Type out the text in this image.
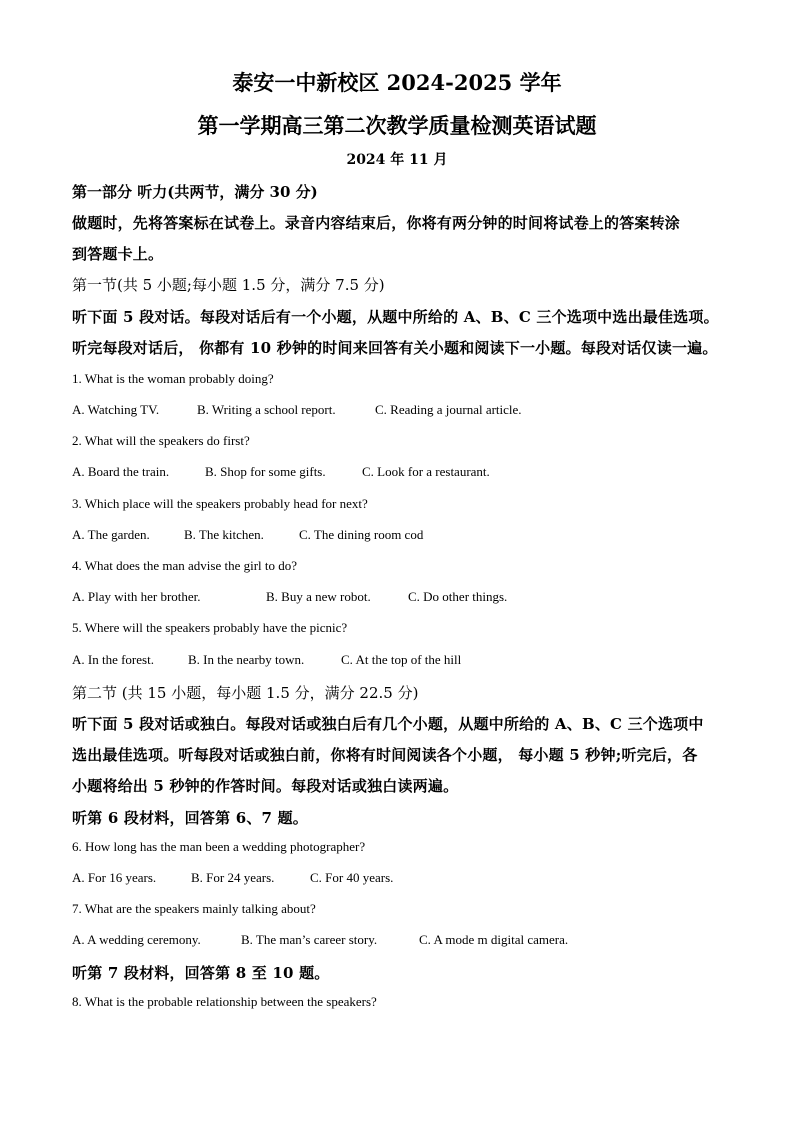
泰安一中新校区 2024-2025 学年
第一学期高三第二次教学质量检测英语试题
2024 年 11 月
第一部分 听力(共两节，满分 30 分)
做题时，先将答案标在试卷上。录音内容结束后，你将有两分钟的时间将试卷上的答案转涂
到答题卡上。
第一节(共 5 小题;每小题 1.5 分，满分 7.5 分)
听下面 5 段对话。每段对话后有一个小题，从题中所给的 A、B、C 三个选项中选出最佳选项。
听完每段对话后， 你都有 10 秒钟的时间来回答有关小题和阅读下一小题。每段对话仅读一遍。
1. What is the woman probably doing?
A. Watching TV.	B. Writing a school report.	C. Reading a journal article.
2. What will the speakers do first?
A. Board the train.	B. Shop for some gifts.	C. Look for a restaurant.
3. Which place will the speakers probably head for next?
A. The garden.	B. The kitchen.	C. The dining room cod
4. What does the man advise the girl to do?
A. Play with her brother.	B. Buy a new robot.	C. Do other things.
5. Where will the speakers probably have the picnic?
A. In the forest.	B. In the nearby town.	C. At the top of the hill
第二节 (共 15 小题，每小题 1.5 分，满分 22.5 分)
听下面 5 段对话或独白。每段对话或独白后有几个小题，从题中所给的 A、B、C 三个选项中
选出最佳选项。听每段对话或独白前，你将有时间阅读各个小题， 每小题 5 秒钟;听完后，各
小题将给出 5 秒钟的作答时间。每段对话或独白读两遍。
听第 6 段材料，回答第 6、7 题。
6. How long has the man been a wedding photographer?
A. For 16 years.	B. For 24 years.	C. For 40 years.
7. What are the speakers mainly talking about?
A. A wedding ceremony.	B. The man’s career story.	C. A mode m digital camera.
听第 7 段材料，回答第 8 至 10 题。
8. What is the probable relationship between the speakers?
